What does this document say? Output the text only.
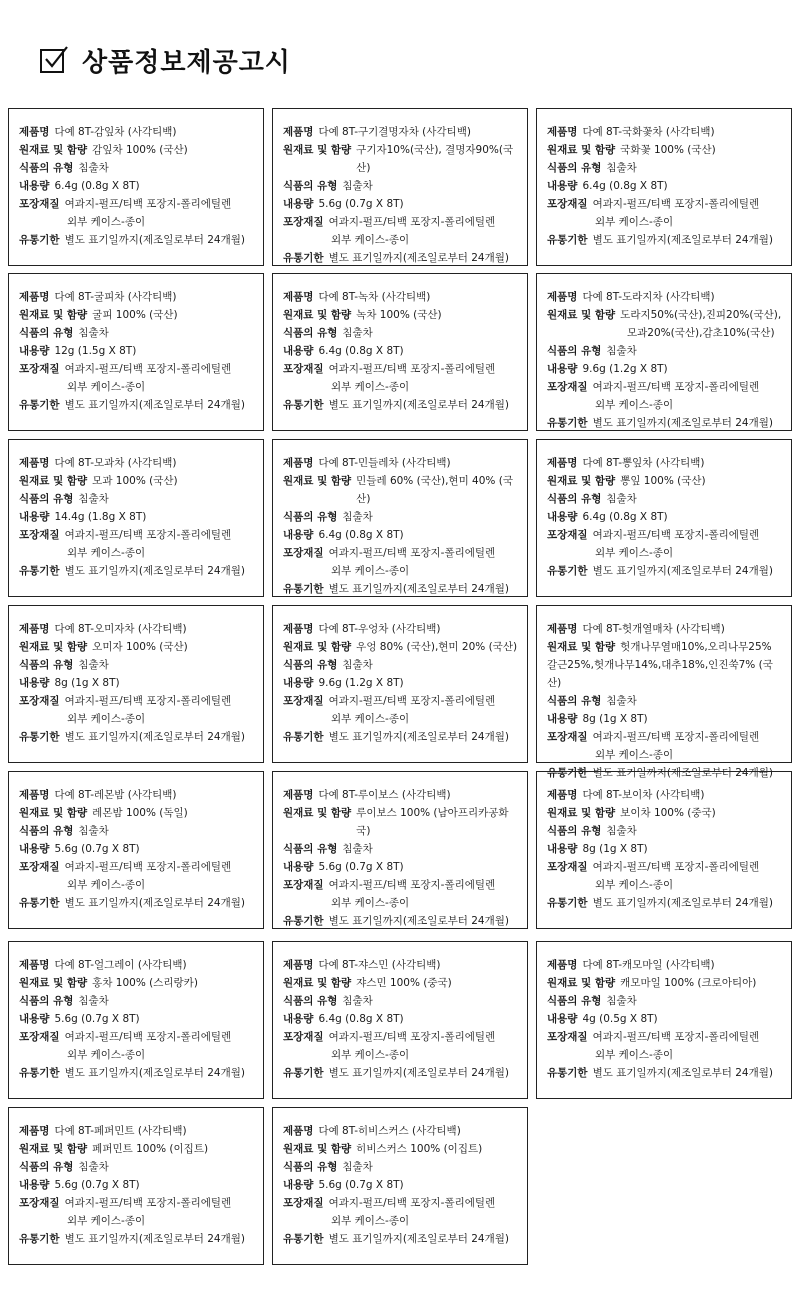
상품정보제공고시
제품명 다예 8T-감잎차 (사각티백)
원재료 및 함량 감잎차 100% (국산)
식품의 유형 침출차
내용량 6.4g (0.8g X 8T)
포장재질 여과지-펄프/티백 포장지-폴리에틸렌
외부 케이스-종이
유통기한 별도 표기일까지(제조일로부터 24개월)
제품명 다예 8T-구기결명자차 (사각티백)
원재료 및 함량 구기자10%(국산), 결명자90%(국산)
식품의 유형 침출차
내용량 5.6g (0.7g X 8T)
포장재질 여과지-펄프/티백 포장지-폴리에틸렌
외부 케이스-종이
유통기한 별도 표기일까지(제조일로부터 24개월)
제품명 다예 8T-국화꽃차 (사각티백)
원재료 및 함량 국화꽃 100% (국산)
식품의 유형 침출차
내용량 6.4g (0.8g X 8T)
포장재질 여과지-펄프/티백 포장지-폴리에틸렌
외부 케이스-종이
유통기한 별도 표기일까지(제조일로부터 24개월)
제품명 다예 8T-굴피차 (사각티백)
원재료 및 함량 굴피 100% (국산)
식품의 유형 침출차
내용량 12g (1.5g X 8T)
포장재질 여과지-펄프/티백 포장지-폴리에틸렌
외부 케이스-종이
유통기한 별도 표기일까지(제조일로부터 24개월)
제품명 다예 8T-녹차 (사각티백)
원재료 및 함량 녹차 100% (국산)
식품의 유형 침출차
내용량 6.4g (0.8g X 8T)
포장재질 여과지-펄프/티백 포장지-폴리에틸렌
외부 케이스-종이
유통기한 별도 표기일까지(제조일로부터 24개월)
제품명 다예 8T-도라지차 (사각티백)
원재료 및 함량 도라지50%(국산),진피20%(국산),
모과20%(국산),감초10%(국산)
식품의 유형 침출차
내용량 9.6g (1.2g X 8T)
포장재질 여과지-펄프/티백 포장지-폴리에틸렌
외부 케이스-종이
유통기한 별도 표기일까지(제조일로부터 24개월)
제품명 다예 8T-모과차 (사각티백)
원재료 및 함량 모과 100% (국산)
식품의 유형 침출차
내용량 14.4g (1.8g X 8T)
포장재질 여과지-펄프/티백 포장지-폴리에틸렌
외부 케이스-종이
유통기한 별도 표기일까지(제조일로부터 24개월)
제품명 다예 8T-민들레차 (사각티백)
원재료 및 함량 민들레 60% (국산),현미 40% (국산)
식품의 유형 침출차
내용량 6.4g (0.8g X 8T)
포장재질 여과지-펄프/티백 포장지-폴리에틸렌
외부 케이스-종이
유통기한 별도 표기일까지(제조일로부터 24개월)
제품명 다예 8T-뽕잎차 (사각티백)
원재료 및 함량 뽕잎 100% (국산)
식품의 유형 침출차
내용량 6.4g (0.8g X 8T)
포장재질 여과지-펄프/티백 포장지-폴리에틸렌
외부 케이스-종이
유통기한 별도 표기일까지(제조일로부터 24개월)
제품명 다예 8T-오미자차 (사각티백)
원재료 및 함량 오미자 100% (국산)
식품의 유형 침출차
내용량 8g (1g X 8T)
포장재질 여과지-펄프/티백 포장지-폴리에틸렌
외부 케이스-종이
유통기한 별도 표기일까지(제조일로부터 24개월)
제품명 다예 8T-우엉차 (사각티백)
원재료 및 함량 우엉 80% (국산),현미 20% (국산)
식품의 유형 침출차
내용량 9.6g (1.2g X 8T)
포장재질 여과지-펄프/티백 포장지-폴리에틸렌
외부 케이스-종이
유통기한 별도 표기일까지(제조일로부터 24개월)
제품명 다예 8T-헛개열매차 (사각티백)
원재료 및 함량 헛개나무열매10%,오리나무25%
갈근25%,헛개나무14%,대추18%,인진쑥7% (국산)
식품의 유형 침출차
내용량 8g (1g X 8T)
포장재질 여과지-펄프/티백 포장지-폴리에틸렌
외부 케이스-종이
유통기한 별도 표기일까지(제조일로부터 24개월)
제품명 다예 8T-레몬밤 (사각티백)
원재료 및 함량 레몬밤 100% (독일)
식품의 유형 침출차
내용량 5.6g (0.7g X 8T)
포장재질 여과지-펄프/티백 포장지-폴리에틸렌
외부 케이스-종이
유통기한 별도 표기일까지(제조일로부터 24개월)
제품명 다예 8T-루이보스 (사각티백)
원재료 및 함량 루이보스 100% (남아프리카공화국)
식품의 유형 침출차
내용량 5.6g (0.7g X 8T)
포장재질 여과지-펄프/티백 포장지-폴리에틸렌
외부 케이스-종이
유통기한 별도 표기일까지(제조일로부터 24개월)
제품명 다예 8T-보이차 (사각티백)
원재료 및 함량 보이차 100% (중국)
식품의 유형 침출차
내용량 8g (1g X 8T)
포장재질 여과지-펄프/티백 포장지-폴리에틸렌
외부 케이스-종이
유통기한 별도 표기일까지(제조일로부터 24개월)
제품명 다예 8T-얼그레이 (사각티백)
원재료 및 함량 홍차 100% (스리랑카)
식품의 유형 침출차
내용량 5.6g (0.7g X 8T)
포장재질 여과지-펄프/티백 포장지-폴리에틸렌
외부 케이스-종이
유통기한 별도 표기일까지(제조일로부터 24개월)
제품명 다예 8T-쟈스민 (사각티백)
원재료 및 함량 쟈스민 100% (중국)
식품의 유형 침출차
내용량 6.4g (0.8g X 8T)
포장재질 여과지-펄프/티백 포장지-폴리에틸렌
외부 케이스-종이
유통기한 별도 표기일까지(제조일로부터 24개월)
제품명 다예 8T-캐모마일 (사각티백)
원재료 및 함량 캐모마일 100% (크로아티아)
식품의 유형 침출차
내용량 4g (0.5g X 8T)
포장재질 여과지-펄프/티백 포장지-폴리에틸렌
외부 케이스-종이
유통기한 별도 표기일까지(제조일로부터 24개월)
제품명 다예 8T-페퍼민트 (사각티백)
원재료 및 함량 페퍼민트 100% (이집트)
식품의 유형 침출차
내용량 5.6g (0.7g X 8T)
포장재질 여과지-펄프/티백 포장지-폴리에틸렌
외부 케이스-종이
유통기한 별도 표기일까지(제조일로부터 24개월)
제품명 다예 8T-히비스커스 (사각티백)
원재료 및 함량 히비스커스 100% (이집트)
식품의 유형 침출차
내용량 5.6g (0.7g X 8T)
포장재질 여과지-펄프/티백 포장지-폴리에틸렌
외부 케이스-종이
유통기한 별도 표기일까지(제조일로부터 24개월)
